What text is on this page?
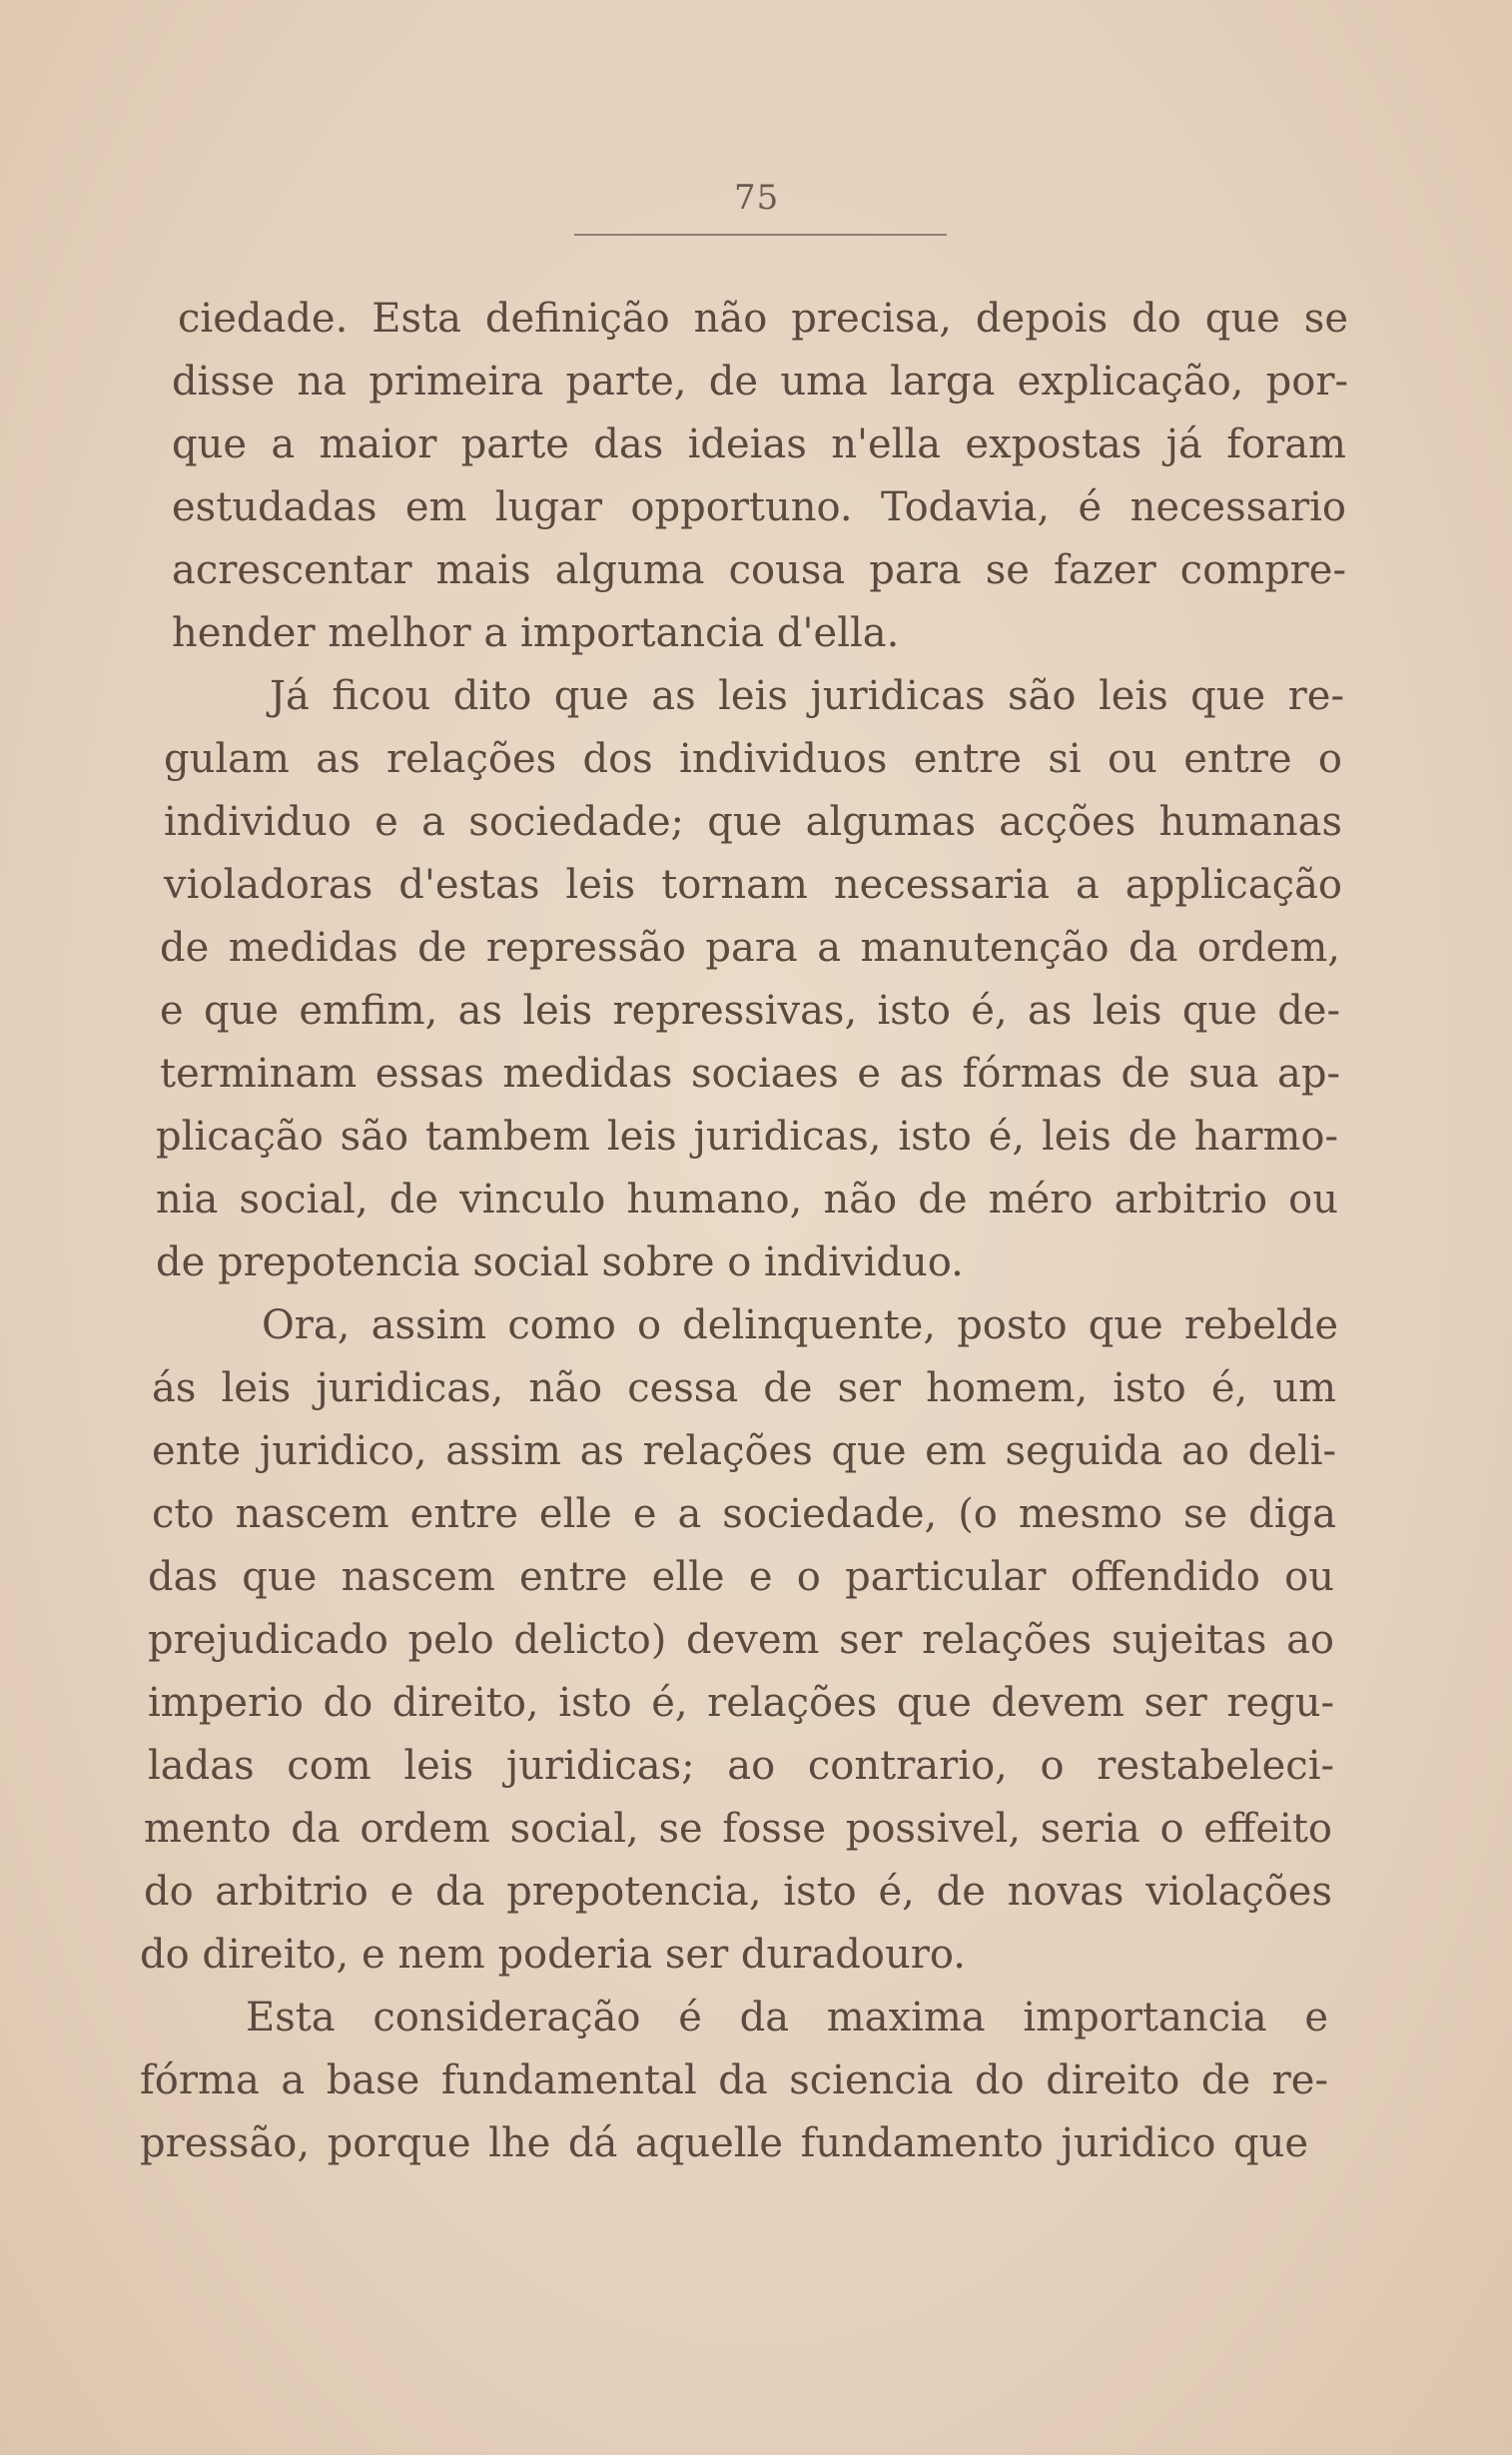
75
ciedade. Esta definição não precisa, depois do que se
disse na primeira parte, de uma larga explicação, por-
que a maior parte das ideias n'ella expostas já foram
estudadas em lugar opportuno. Todavia, é necessario
acrescentar mais alguma cousa para se fazer compre-
hender melhor a importancia d'ella.
Já ficou dito que as leis juridicas são leis que re-
gulam as relações dos individuos entre si ou entre o
individuo e a sociedade; que algumas acções humanas
violadoras d'estas leis tornam necessaria a applicação
de medidas de repressão para a manutenção da ordem,
e que emfim, as leis repressivas, isto é, as leis que de-
terminam essas medidas sociaes e as fórmas de sua ap-
plicação são tambem leis juridicas, isto é, leis de harmo-
nia social, de vinculo humano, não de méro arbitrio ou
de prepotencia social sobre o individuo.
Ora, assim como o delinquente, posto que rebelde
ás leis juridicas, não cessa de ser homem, isto é, um
ente juridico, assim as relações que em seguida ao deli-
cto nascem entre elle e a sociedade, (o mesmo se diga
das que nascem entre elle e o particular offendido ou
prejudicado pelo delicto) devem ser relações sujeitas ao
imperio do direito, isto é, relações que devem ser regu-
ladas com leis juridicas; ao contrario, o restabeleci-
mento da ordem social, se fosse possivel, seria o effeito
do arbitrio e da prepotencia, isto é, de novas violações
do direito, e nem poderia ser duradouro.
Esta consideração é da maxima importancia e
fórma a base fundamental da sciencia do direito de re-
pressão, porque lhe dá aquelle fundamento juridico que
